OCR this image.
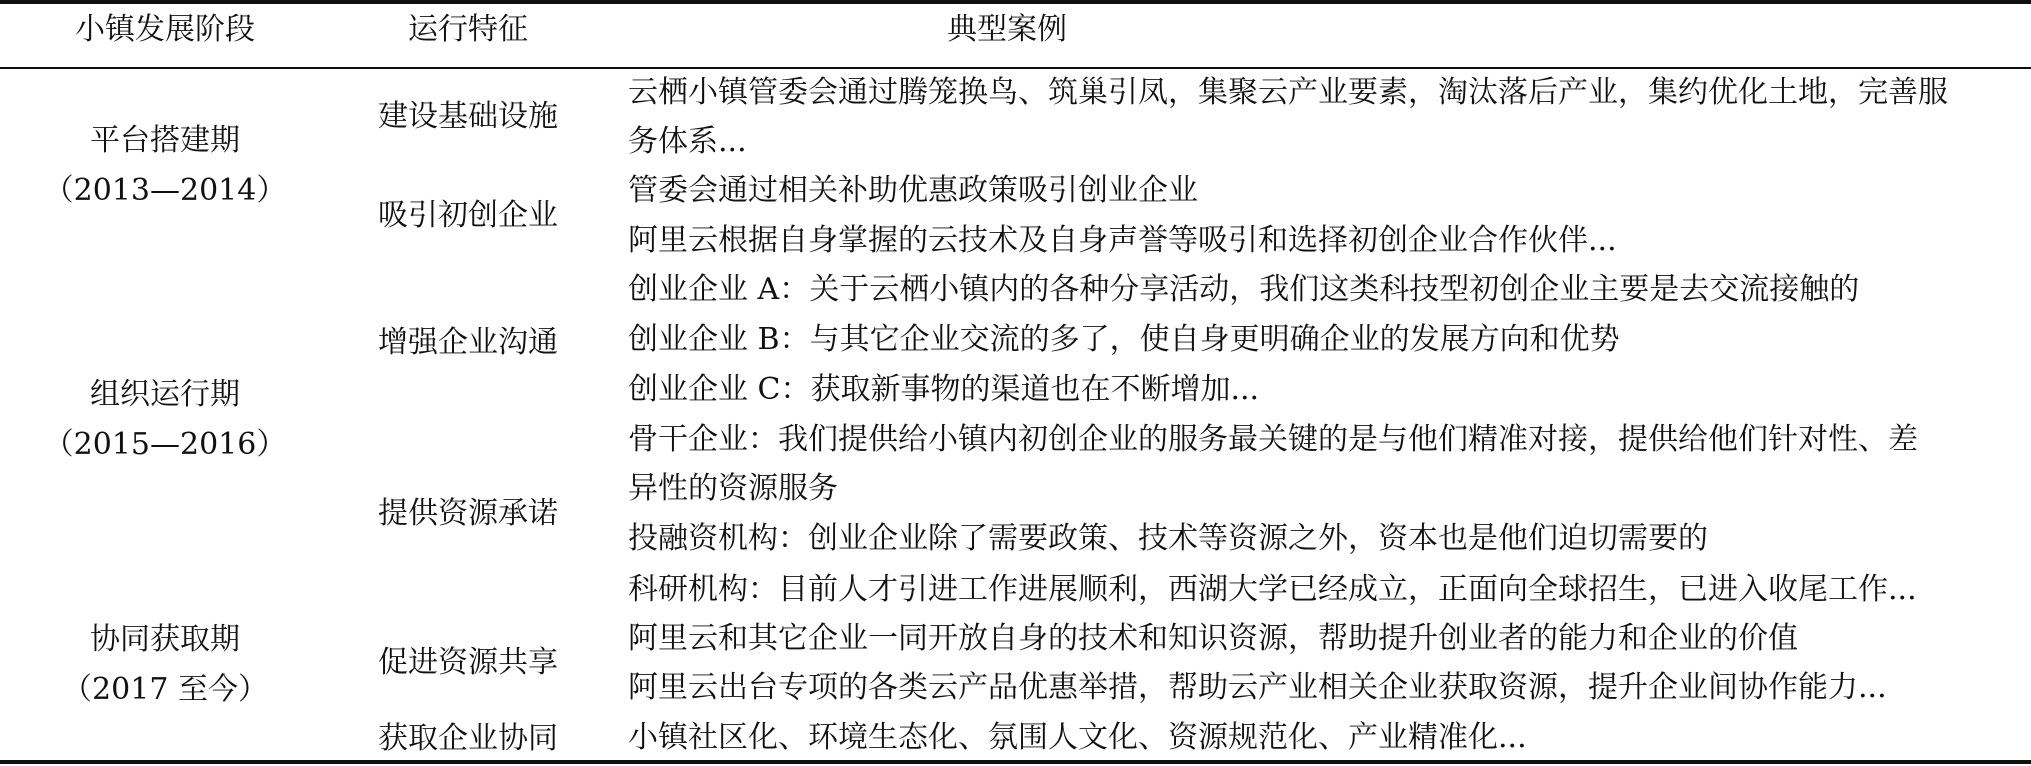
小镇发展阶段	运行特征	典型案例
平台搭建期
（2013—2014）
组织运行期
（2015—2016）
协同获取期
（2017 至今）
建设基础设施
吸引初创企业
增强企业沟通
提供资源承诺
促进资源共享
获取企业协同
云栖小镇管委会通过腾笼换鸟、筑巢引凤，集聚云产业要素，淘汰落后产业，集约优化土地，完善服
务体系...
管委会通过相关补助优惠政策吸引创业企业
阿里云根据自身掌握的云技术及自身声誉等吸引和选择初创企业合作伙伴...
创业企业 A：关于云栖小镇内的各种分享活动，我们这类科技型初创企业主要是去交流接触的
创业企业 B：与其它企业交流的多了，使自身更明确企业的发展方向和优势
创业企业 C：获取新事物的渠道也在不断增加...
骨干企业：我们提供给小镇内初创企业的服务最关键的是与他们精准对接，提供给他们针对性、差
异性的资源服务
投融资机构：创业企业除了需要政策、技术等资源之外，资本也是他们迫切需要的
科研机构：目前人才引进工作进展顺利，西湖大学已经成立，正面向全球招生，已进入收尾工作...
阿里云和其它企业一同开放自身的技术和知识资源，帮助提升创业者的能力和企业的价值
阿里云出台专项的各类云产品优惠举措，帮助云产业相关企业获取资源，提升企业间协作能力...
小镇社区化、环境生态化、氛围人文化、资源规范化、产业精准化...
